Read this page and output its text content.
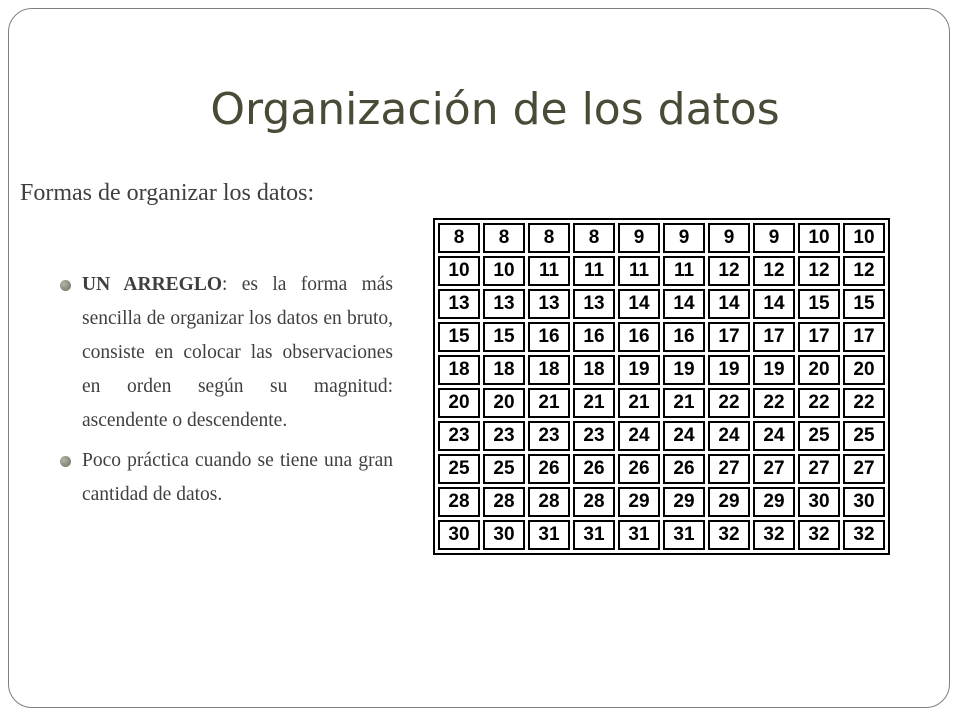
Organización de los datos
Formas de organizar los datos:
UN ARREGLO: es la forma más sencilla de organizar los datos en bruto, consiste en colocar las observaciones en orden según su magnitud: ascendente o descendente.
Poco práctica cuando se tiene una gran cantidad de datos.
8	8	8	8	9	9	9	9	10	10
10	10	11	11	11	11	12	12	12	12
13	13	13	13	14	14	14	14	15	15
15	15	16	16	16	16	17	17	17	17
18	18	18	18	19	19	19	19	20	20
20	20	21	21	21	21	22	22	22	22
23	23	23	23	24	24	24	24	25	25
25	25	26	26	26	26	27	27	27	27
28	28	28	28	29	29	29	29	30	30
30	30	31	31	31	31	32	32	32	32
